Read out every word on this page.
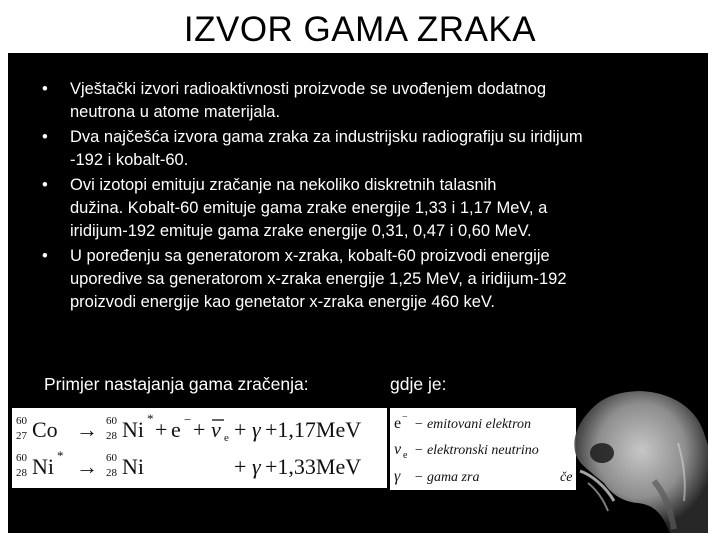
IZVOR GAMA ZRAKA
• Vještački izvori radioaktivnosti proizvode se uvođenjem dodatnog
neutrona u atome materijala.
• Dva najčešća izvora gama zraka za industrijsku radiografiju su iridijum
-192 i kobalt-60.
• Ovi izotopi emituju zračanje na nekoliko diskretnih talasnih
dužina. Kobalt-60 emituje gama zrake energije 1,33 i 1,17 MeV, a
iridijum-192 emituje gama zrake energije 0,31, 0,47 i 0,60 MeV.
• U poređenju sa generatorom x-zraka, kobalt-60 proizvodi energije
uporedive sa generatorom x-zraka energije 1,25 MeV, a iridijum-192
proizvodi energije kao genetator x-zraka energije 460 keV.
Primjer nastajanja gama zračenja:	gdje je:
60
27 Co → 60
28 Ni * + e − + ν e + γ +1,17MeV
60
28 Ni * → 60
28 Ni	+ γ +1,33MeV
e − − emitovani elektron
ν e − elektronski neutrino
γ − gama zra	če
